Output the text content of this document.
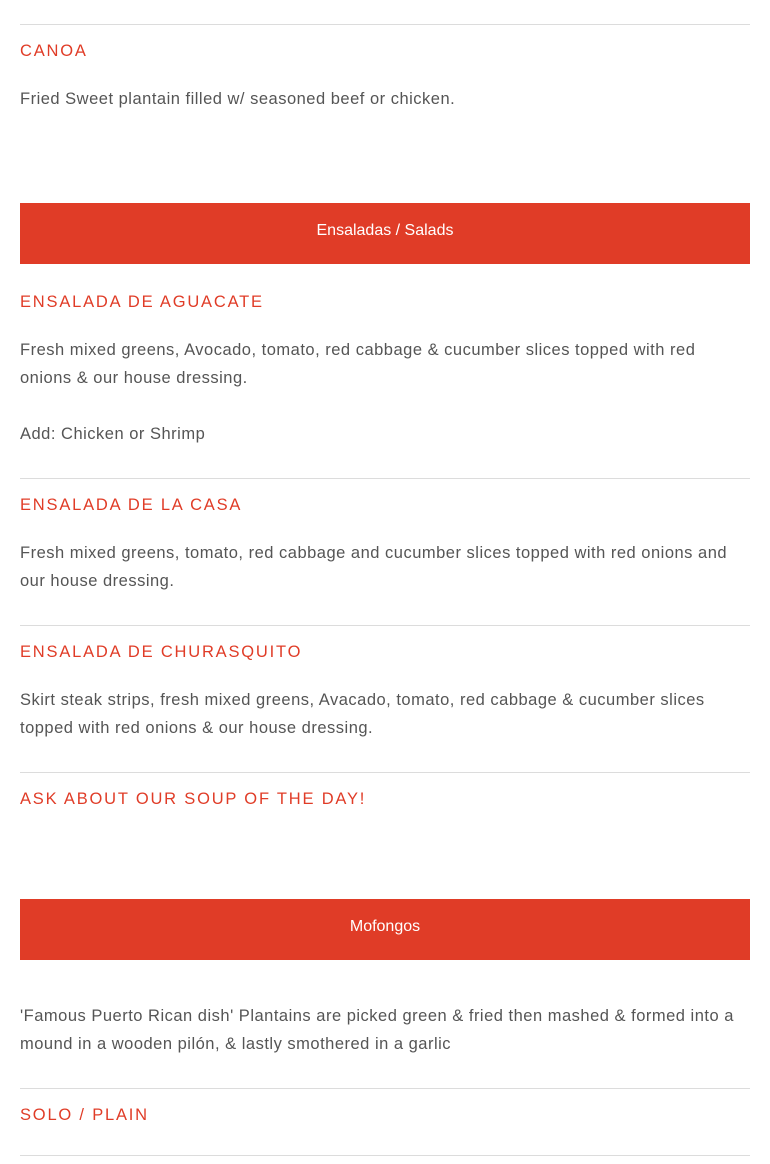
CANOA
Fried Sweet plantain filled w/ seasoned beef or chicken.
Ensaladas / Salads
ENSALADA DE AGUACATE
Fresh mixed greens, Avocado, tomato, red cabbage & cucumber slices topped with red onions & our house dressing.
Add: Chicken or Shrimp
ENSALADA DE LA CASA
Fresh mixed greens, tomato, red cabbage and cucumber slices topped with red onions and our house dressing.
ENSALADA DE CHURASQUITO
Skirt steak strips, fresh mixed greens, Avacado, tomato, red cabbage & cucumber slices topped with red onions & our house dressing.
ASK ABOUT OUR SOUP OF THE DAY!
Mofongos
'Famous Puerto Rican dish' Plantains are picked green & fried then mashed & formed into a mound in a wooden pilón, & lastly smothered in a garlic
SOLO / PLAIN
